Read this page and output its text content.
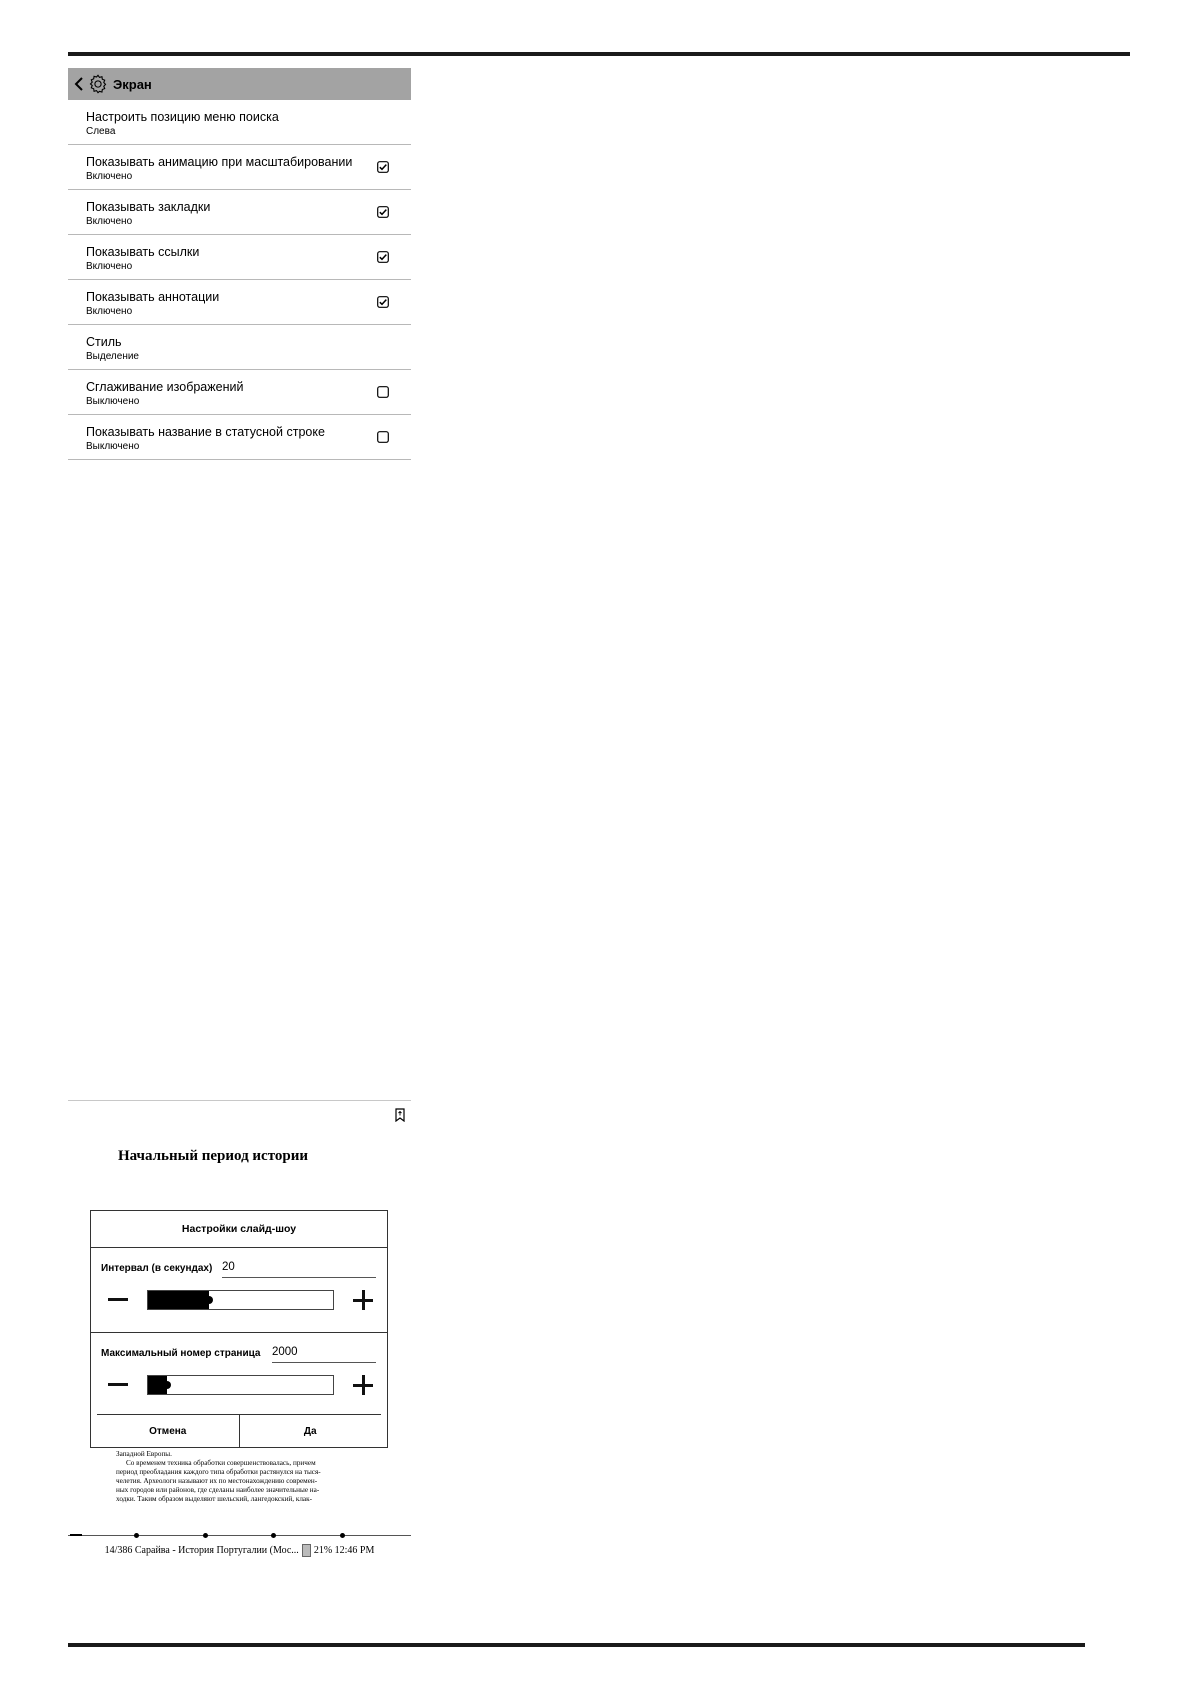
Экран
Настроить позицию меню поиска
Слева
Показывать анимацию при масштабировании
Включено
Показывать закладки
Включено
Показывать ссылки
Включено
Показывать аннотации
Включено
Стиль
Выделение
Сглаживание изображений
Выключено
Показывать название в статусной строке
Выключено
Начальный период истории
Западной Европы.
Со временем техника обработки совершенствовалась, причем
период преобладания каждого типа обработки растянулся на тыся-
челетия. Археологи называют их по местонахождению современ-
ных городов или районов, где сделаны наиболее значительные на-
ходки. Таким образом выделяют шельский, лангедокский, клак-
Настройки слайд-шоу
Интервал (в секундах) 20
Максимальный номер страница 2000
Отмена	Да
14/386
Сарайва - История Португалии (Мос... 21%
12:46 PM
